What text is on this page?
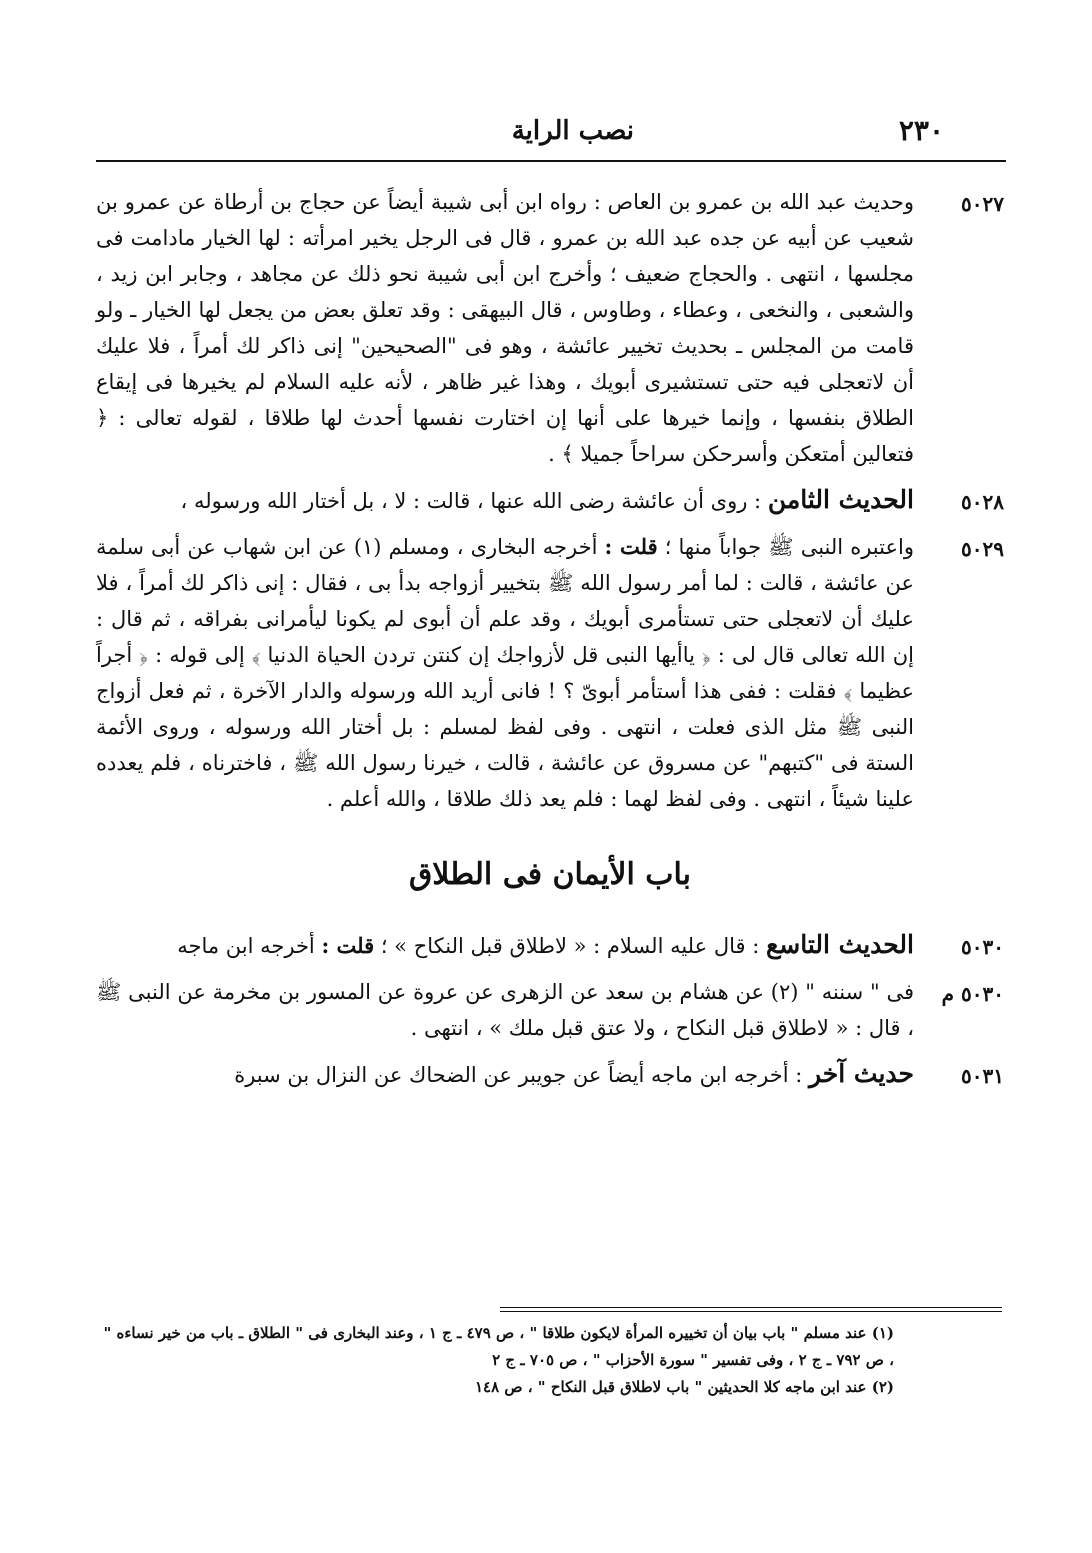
٢٣٠
نصب الراية
٥٠٢٧
وحديث عبد الله بن عمرو بن العاص : رواه ابن أبى شيبة أيضاً عن حجاج بن أرطاة عن عمرو بن شعيب عن أبيه عن جده عبد الله بن عمرو ، قال فى الرجل يخير امرأته : لها الخيار مادامت فى مجلسها ، انتهى . والحجاج ضعيف ؛ وأخرج ابن أبى شيبة نحو ذلك عن مجاهد ، وجابر ابن زيد ، والشعبى ، والنخعى ، وعطاء ، وطاوس ، قال البيهقى : وقد تعلق بعض من يجعل لها الخيار ـ ولو قامت من المجلس ـ بحديث تخيير عائشة ، وهو فى "الصحيحين" إنى ذاكر لك أمراً ، فلا عليك أن لاتعجلى فيه حتى تستشيرى أبويك ، وهذا غير ظاهر ، لأنه عليه السلام لم يخيرها فى إيقاع الطلاق بنفسها ، وإنما خيرها على أنها إن اختارت نفسها أحدث لها طلاقا ، لقوله تعالى : ﴿ فتعالين أمتعكن وأسرحكن سراحاً جميلا ﴾ .
٥٠٢٨
الحديث الثامن : روى أن عائشة رضى الله عنها ، قالت : لا ، بل أختار الله ورسوله ،
٥٠٢٩
واعتبره النبى ﷺ جواباً منها ؛ قلت : أخرجه البخارى ، ومسلم (١) عن ابن شهاب عن أبى سلمة عن عائشة ، قالت : لما أمر رسول الله ﷺ بتخيير أزواجه بدأ بى ، فقال : إنى ذاكر لك أمراً ، فلا عليك أن لاتعجلى حتى تستأمرى أبويك ، وقد علم أن أبوى لم يكونا ليأمرانى بفراقه ، ثم قال : إن الله تعالى قال لى : ﴿ ياأيها النبى قل لأزواجك إن كنتن تردن الحياة الدنيا ﴾ إلى قوله : ﴿ أجراً عظيما ﴾ فقلت : ففى هذا أستأمر أبوىّ ؟ ! فانى أريد الله ورسوله والدار الآخرة ، ثم فعل أزواج النبى ﷺ مثل الذى فعلت ، انتهى . وفى لفظ لمسلم : بل أختار الله ورسوله ، وروى الأئمة الستة فى "كتبهم" عن مسروق عن عائشة ، قالت ، خيرنا رسول الله ﷺ ، فاخترناه ، فلم يعدده علينا شيئاً ، انتهى . وفى لفظ لهما : فلم يعد ذلك طلاقا ، والله أعلم .
باب الأيمان فى الطلاق
٥٠٣٠
الحديث التاسع : قال عليه السلام : « لاطلاق قبل النكاح » ؛ قلت : أخرجه ابن ماجه
٥٠٣٠ م
فى " سننه " (٢) عن هشام بن سعد عن الزهرى عن عروة عن المسور بن مخرمة عن النبى ﷺ ، قال : « لاطلاق قبل النكاح ، ولا عتق قبل ملك » ، انتهى .
٥٠٣١
حديث آخر : أخرجه ابن ماجه أيضاً عن جويبر عن الضحاك عن النزال بن سبرة
(١) عند مسلم " باب بيان أن تخييره المرأة لايكون طلاقا " ، ص ٤٧٩ ـ ج ١ ، وعند البخارى فى " الطلاق ـ باب من خير نساءه " ، ص ٧٩٢ ـ ج ٢ ، وفى تفسير " سورة الأحزاب " ، ص ٧٠٥ ـ ج ٢
(٢) عند ابن ماجه كلا الحديثين " باب لاطلاق قبل النكاح " ، ص ١٤٨
